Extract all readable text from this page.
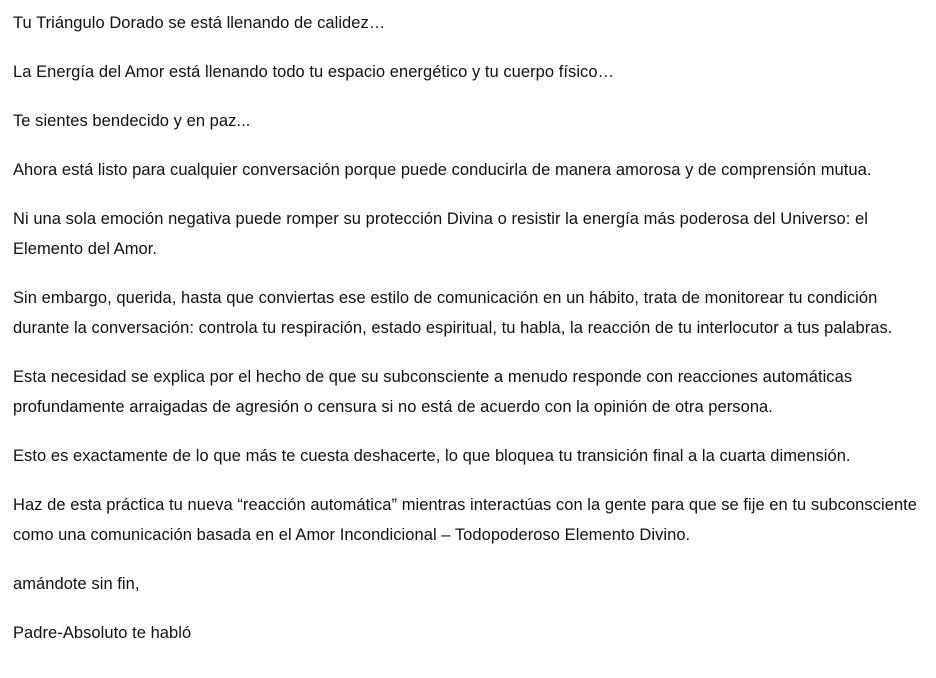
Tu Triángulo Dorado se está llenando de calidez…

La Energía del Amor está llenando todo tu espacio energético y tu cuerpo físico…

Te sientes bendecido y en paz...

Ahora está listo para cualquier conversación porque puede conducirla de manera amorosa y de comprensión mutua.

Ni una sola emoción negativa puede romper su protección Divina o resistir la energía más poderosa del Universo: el Elemento del Amor.

Sin embargo, querida, hasta que conviertas ese estilo de comunicación en un hábito, trata de monitorear tu condición durante la conversación: controla tu respiración, estado espiritual, tu habla, la reacción de tu interlocutor a tus palabras.

Esta necesidad se explica por el hecho de que su subconsciente a menudo responde con reacciones automáticas profundamente arraigadas de agresión o censura si no está de acuerdo con la opinión de otra persona.

Esto es exactamente de lo que más te cuesta deshacerte, lo que bloquea tu transición final a la cuarta dimensión.

Haz de esta práctica tu nueva “reacción automática” mientras interactúas con la gente para que se fije en tu subconsciente como una comunicación basada en el Amor Incondicional – Todopoderoso Elemento Divino.

amándote sin fin,

Padre-Absoluto te habló
